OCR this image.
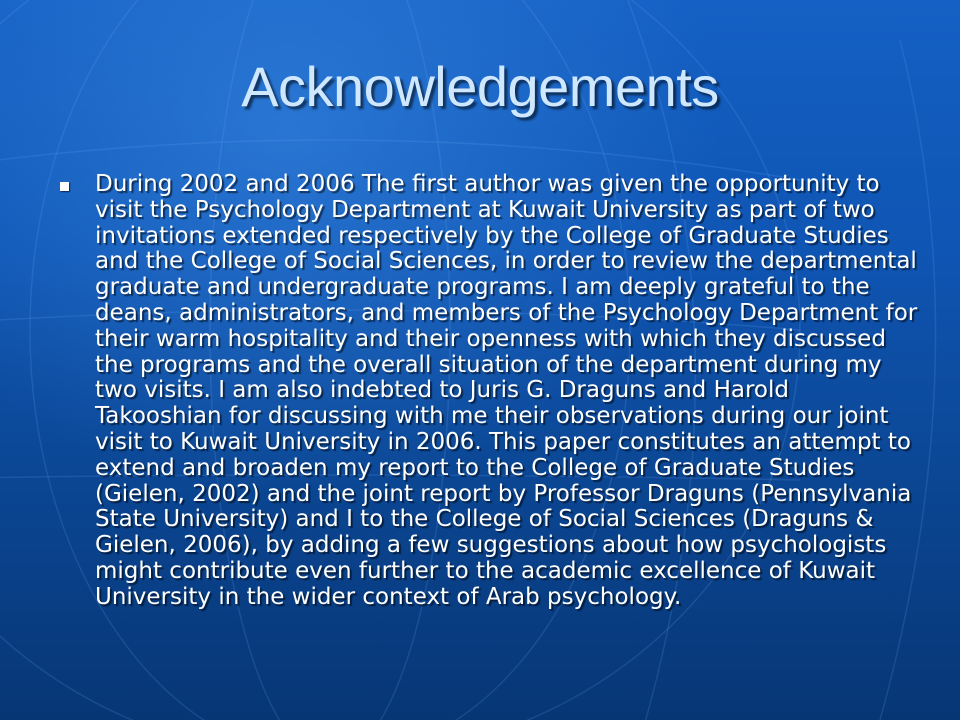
Acknowledgements

During 2002 and 2006 The first author was given the opportunity to visit the Psychology Department at Kuwait University as part of two invitations extended respectively by the College of Graduate Studies and the College of Social Sciences, in order to review the departmental graduate and undergraduate programs. I am deeply grateful to the deans, administrators, and members of the Psychology Department for their warm hospitality and their openness with which they discussed the programs and the overall situation of the department during my two visits. I am also indebted to Juris G. Draguns and Harold Takooshian for discussing with me their observations during our joint visit to Kuwait University in 2006. This paper constitutes an attempt to extend and broaden my report to the College of Graduate Studies (Gielen, 2002) and the joint report by Professor Draguns (Pennsylvania State University) and I to the College of Social Sciences (Draguns & Gielen, 2006), by adding a few suggestions about how psychologists might contribute even further to the academic excellence of Kuwait University in the wider context of Arab psychology.
